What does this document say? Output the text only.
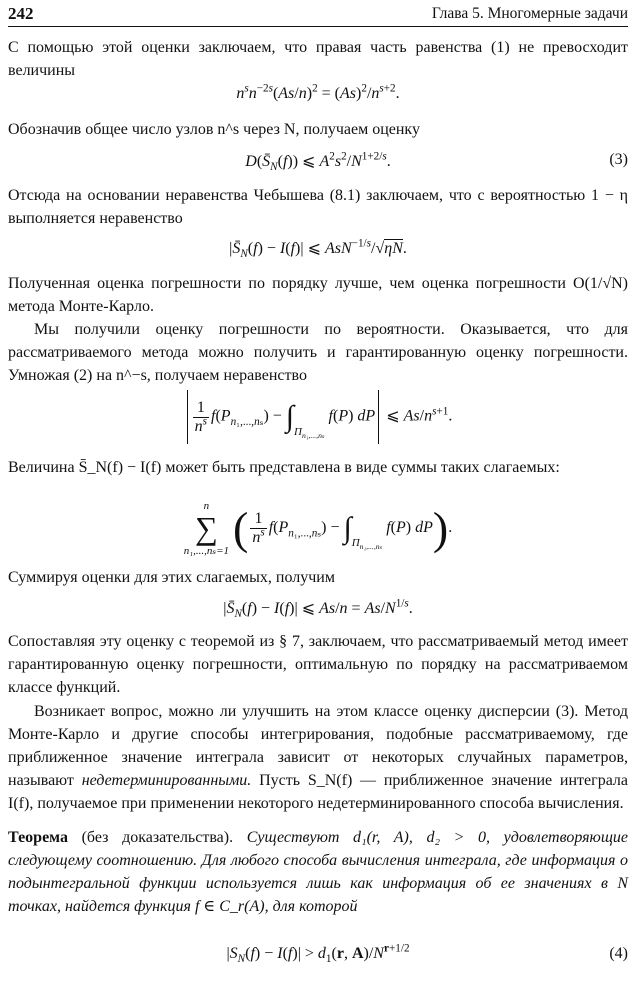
242	Глава 5. Многомерные задачи
С помощью этой оценки заключаем, что правая часть равенства (1) не превосходит величины
$n^sn^{-2s}(As/n)^2 = (As)^2/n^{s+2}$.
Обозначив общее число узлов n^s через N, получаем оценку
$D(S̄_N(f))$ ⩽ $A^2s^2/N^{1+2/s}$.	(3)
Отсюда на основании неравенства Чебышева (8.1) заключаем, что с вероятностью 1 − η выполняется неравенство
$|S̄_N(f) - I(f)|$ ⩽ AsN$^{-1/s}$/√ηN.
Полученная оценка погрешности по порядку лучше, чем оценка погрешности O(1/√N) метода Монте-Карло.
Мы получили оценку погрешности по вероятности. Оказывается, что для рассматриваемого метода можно получить и гарантированную оценку погрешности. Умножая (2) на n^−s, получаем неравенство
$\frac{1}{n^s} f(P_{n_1,...,n_s}) - \int_{\Pi_{n_1,...,n_s}}f(P)$ dP ⩽ $As/n^{s+1}$.
Величина S̄_N(f) − I(f) может быть представлена в виде суммы таких слагаемых:
n
∑
n₁,...,nₛ=1 ( $\frac{1}{n^s} f(P_{n_1,...,n_s}) - \int_{\Pi_{n_1,...,n_s}}f(P)$ dP).
Суммируя оценки для этих слагаемых, получим
$|S̄_N(f) - I(f)|$ ⩽ $As/n = As/N^{1/s}$.
Сопоставляя эту оценку с теоремой из § 7, заключаем, что рассматриваемый метод имеет гарантированную оценку погрешности, оптимальную по порядку на рассматриваемом классе функций.
Возникает вопрос, можно ли улучшить на этом классе оценку дисперсии (3). Метод Монте-Карло и другие способы интегрирования, подобные рассматриваемому, где приближенное значение интеграла зависит от некоторых случайных параметров, называют недетерминированными. Пусть S_N(f) — приближенное значение интеграла I(f), получаемое при применении некоторого недетерминированного способа вычисления.
Теорема (без доказательства). Существуют d₁(r, A), d₂ > 0, удовлетворяющие следующему соотношению. Для любого способа вычисления интеграла, где информация о подынтегральной функции используется лишь как информация об ее значениях в N точках, найдется функция f ∈ C_r(A), для которой
$|S_N(f) - I(f)| > d_1(r$, $A)/N^{r+1/2}$	(4)
